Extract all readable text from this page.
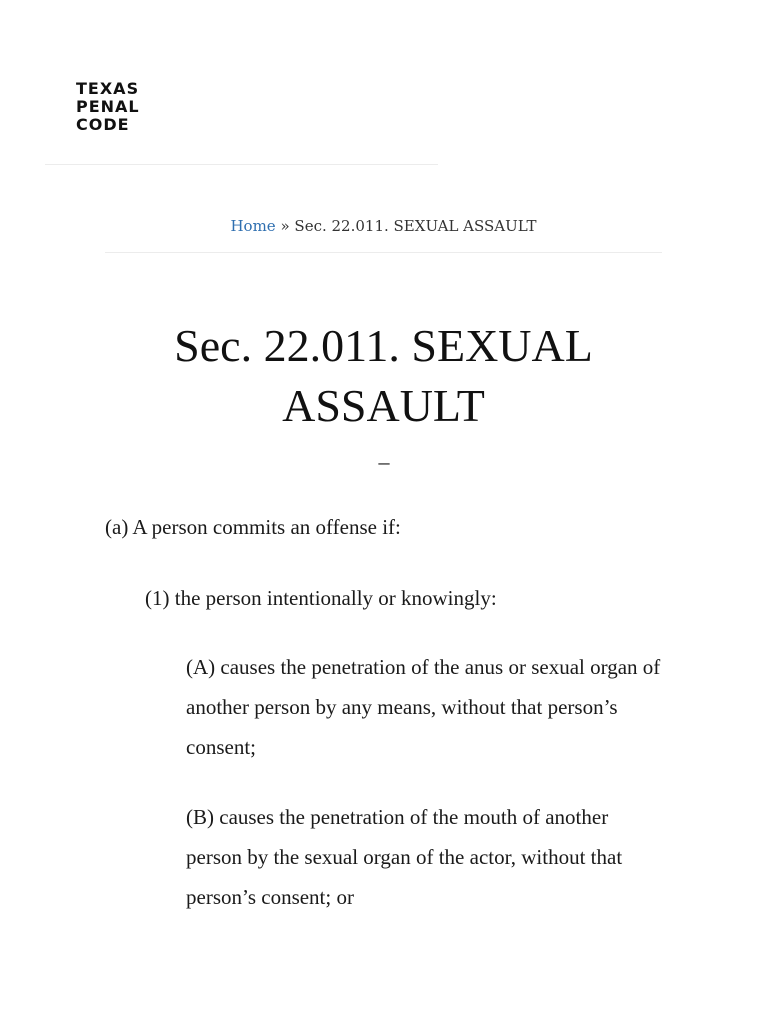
TEXAS
PENAL
CODE
Home » Sec. 22.011. SEXUAL ASSAULT
Sec. 22.011. SEXUAL ASSAULT
–

(a) A person commits an offense if:

(1) the person intentionally or knowingly:

(A) causes the penetration of the anus or sexual organ of another person by any means, without that person’s consent;

(B) causes the penetration of the mouth of another person by the sexual organ of the actor, without that person’s consent; or
